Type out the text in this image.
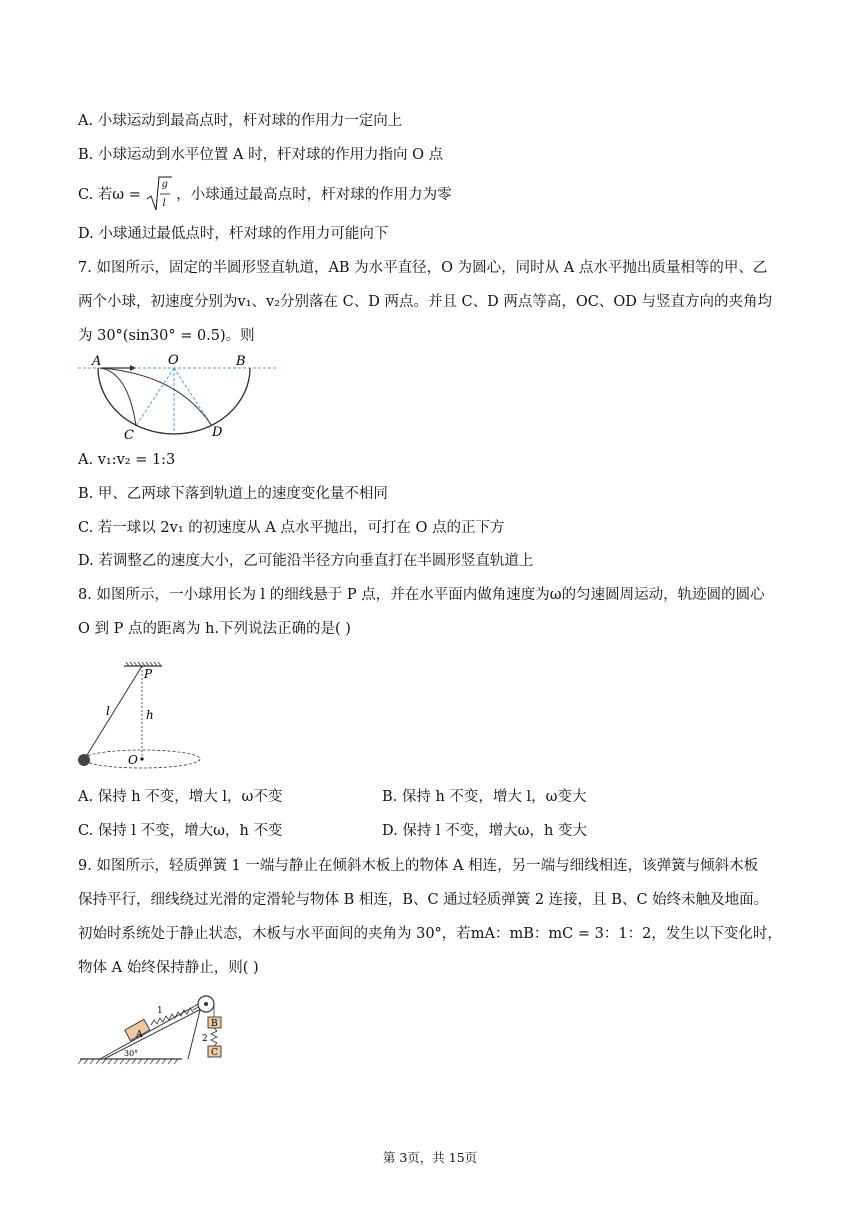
A. 小球运动到最高点时，杆对球的作用力一定向上
B. 小球运动到水平位置 A 时，杆对球的作用力指向 O 点
C. 若ω =
g
l
，小球通过最高点时，杆对球的作用力为零
D. 小球通过最低点时，杆对球的作用力可能向下
7. 如图所示，固定的半圆形竖直轨道，AB 为水平直径，O 为圆心，同时从 A 点水平抛出质量相等的甲、乙
两个小球，初速度分别为v₁、v₂分别落在 C、D 两点。并且 C、D 两点等高，OC、OD 与竖直方向的夹角均
为 30°(sin30° = 0.5)。则
A	O	B
C	D
A. v₁:v₂ = 1:3
B. 甲、乙两球下落到轨道上的速度变化量不相同
C. 若一球以 2v₁ 的初速度从 A 点水平抛出，可打在 O 点的正下方
D. 若调整乙的速度大小，乙可能沿半径方向垂直打在半圆形竖直轨道上
8. 如图所示，一小球用长为 l 的细线悬于 P 点，并在水平面内做角速度为ω的匀速圆周运动，轨迹圆的圆心
O 到 P 点的距离为 h.下列说法正确的是( )
P
l	h
O
A. 保持 h 不变，增大 l，ω不变	B. 保持 h 不变，增大 l，ω变大
C. 保持 l 不变，增大ω，h 不变	D. 保持 l 不变，增大ω，h 变大
9. 如图所示，轻质弹簧 1 一端与静止在倾斜木板上的物体 A 相连，另一端与细线相连，该弹簧与倾斜木板
保持平行，细线绕过光滑的定滑轮与物体 B 相连，B、C 通过轻质弹簧 2 连接，且 B、C 始终未触及地面。
初始时系统处于静止状态，木板与水平面间的夹角为 30°，若mA：mB：mC = 3：1：2，发生以下变化时，
物体 A 始终保持静止，则( )
1
A
B
2
C
30°
第 3页，共 15页
